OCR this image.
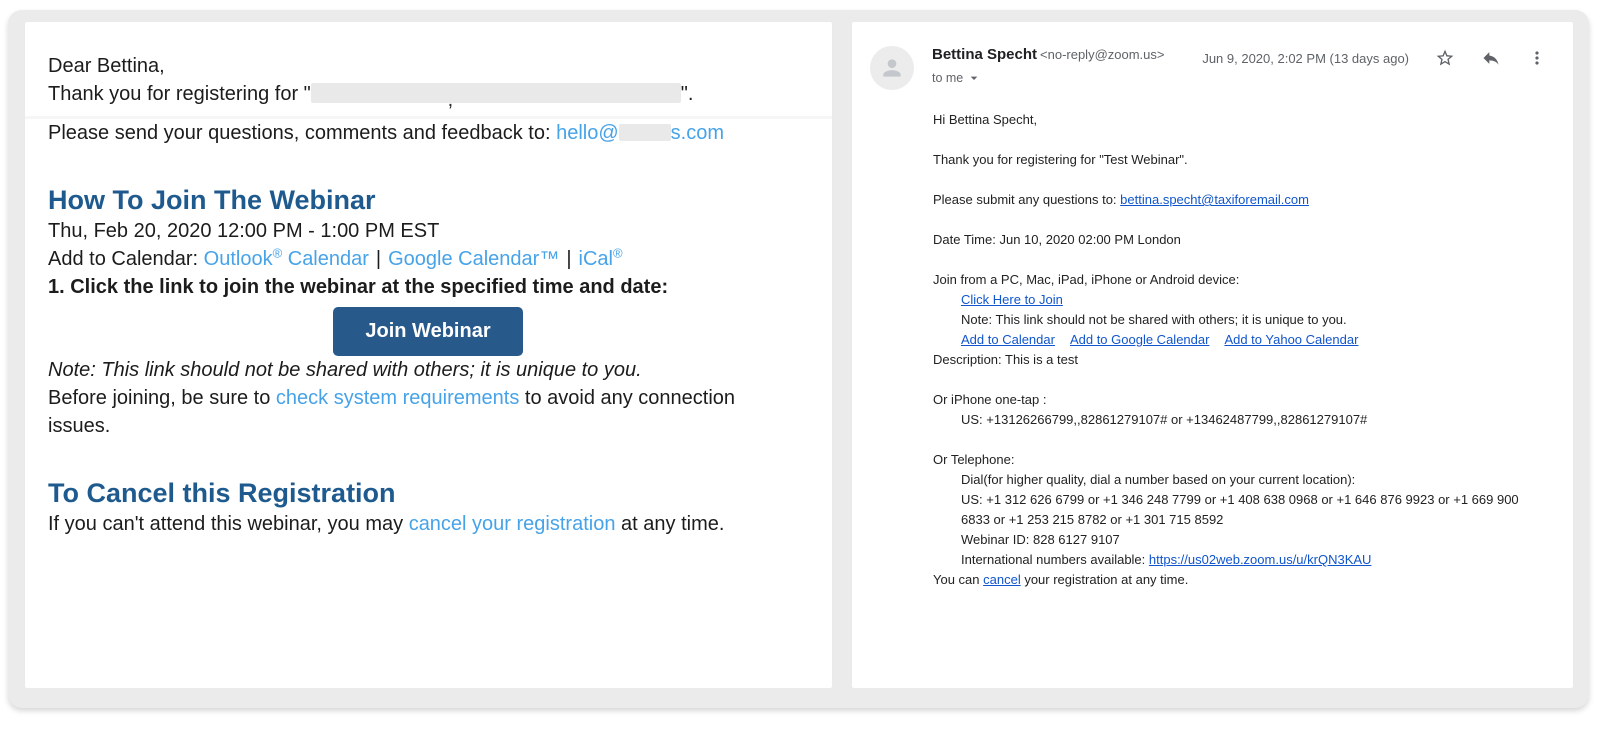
Dear Bettina,

Thank you for registering for "	,	".

Please send your questions, comments and feedback to: hello@	s.com

How To Join The Webinar

Thu, Feb 20, 2020 12:00 PM - 1:00 PM EST

Add to Calendar: Outlook® Calendar | Google Calendar™ | iCal®

1. Click the link to join the webinar at the specified time and date:

Join Webinar

Note: This link should not be shared with others; it is unique to you.

Before joining, be sure to check system requirements to avoid any connection issues.

To Cancel this Registration

If you can't attend this webinar, you may cancel your registration at any time.

Bettina Specht <no-reply@zoom.us>
to me
Jun 9, 2020, 2:02 PM (13 days ago)

Hi Bettina Specht,

Thank you for registering for "Test Webinar".

Please submit any questions to: bettina.specht@taxiforemail.com

Date Time: Jun 10, 2020 02:00 PM London

Join from a PC, Mac, iPad, iPhone or Android device:

Click Here to Join

Note: This link should not be shared with others; it is unique to you.

Add to Calendar Add to Google Calendar Add to Yahoo Calendar

Description: This is a test

Or iPhone one-tap :

US: +13126266799,,82861279107# or +13462487799,,82861279107#

Or Telephone:

Dial(for higher quality, dial a number based on your current location):

US: +1 312 626 6799 or +1 346 248 7799 or +1 408 638 0968 or +1 646 876 9923 or +1 669 900 6833 or +1 253 215 8782 or +1 301 715 8592

Webinar ID: 828 6127 9107

International numbers available: https://us02web.zoom.us/u/krQN3KAU

You can cancel your registration at any time.
